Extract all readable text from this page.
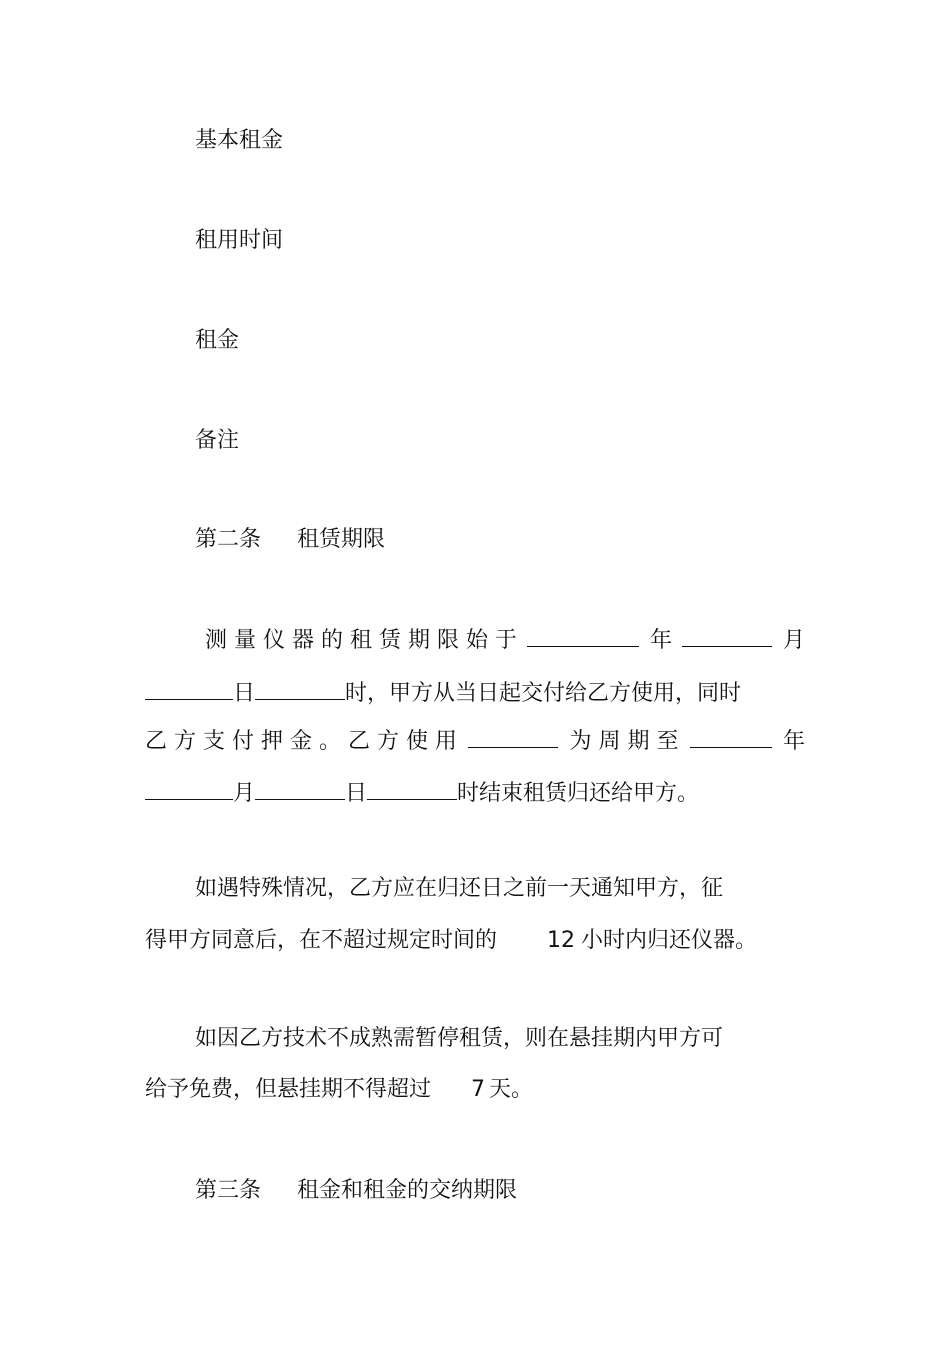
基本租金
租用时间
租金
备注
第二条 租赁期限
测 量 仪 器 的 租 赁 期 限 始 于	年	月
日	时，甲方从当日起交付给乙方使用，同时
乙 方 支 付 押 金 。 乙 方 使 用	为 周 期 至	年
月	日	时结束租赁归还给甲方。
如遇特殊情况，乙方应在归还日之前一天通知甲方，征
得甲方同意后，在不超过规定时间的 12 小时内归还仪器。
如因乙方技术不成熟需暂停租赁，则在悬挂期内甲方可
给予免费，但悬挂期不得超过 7 天。
第三条 租金和租金的交纳期限
